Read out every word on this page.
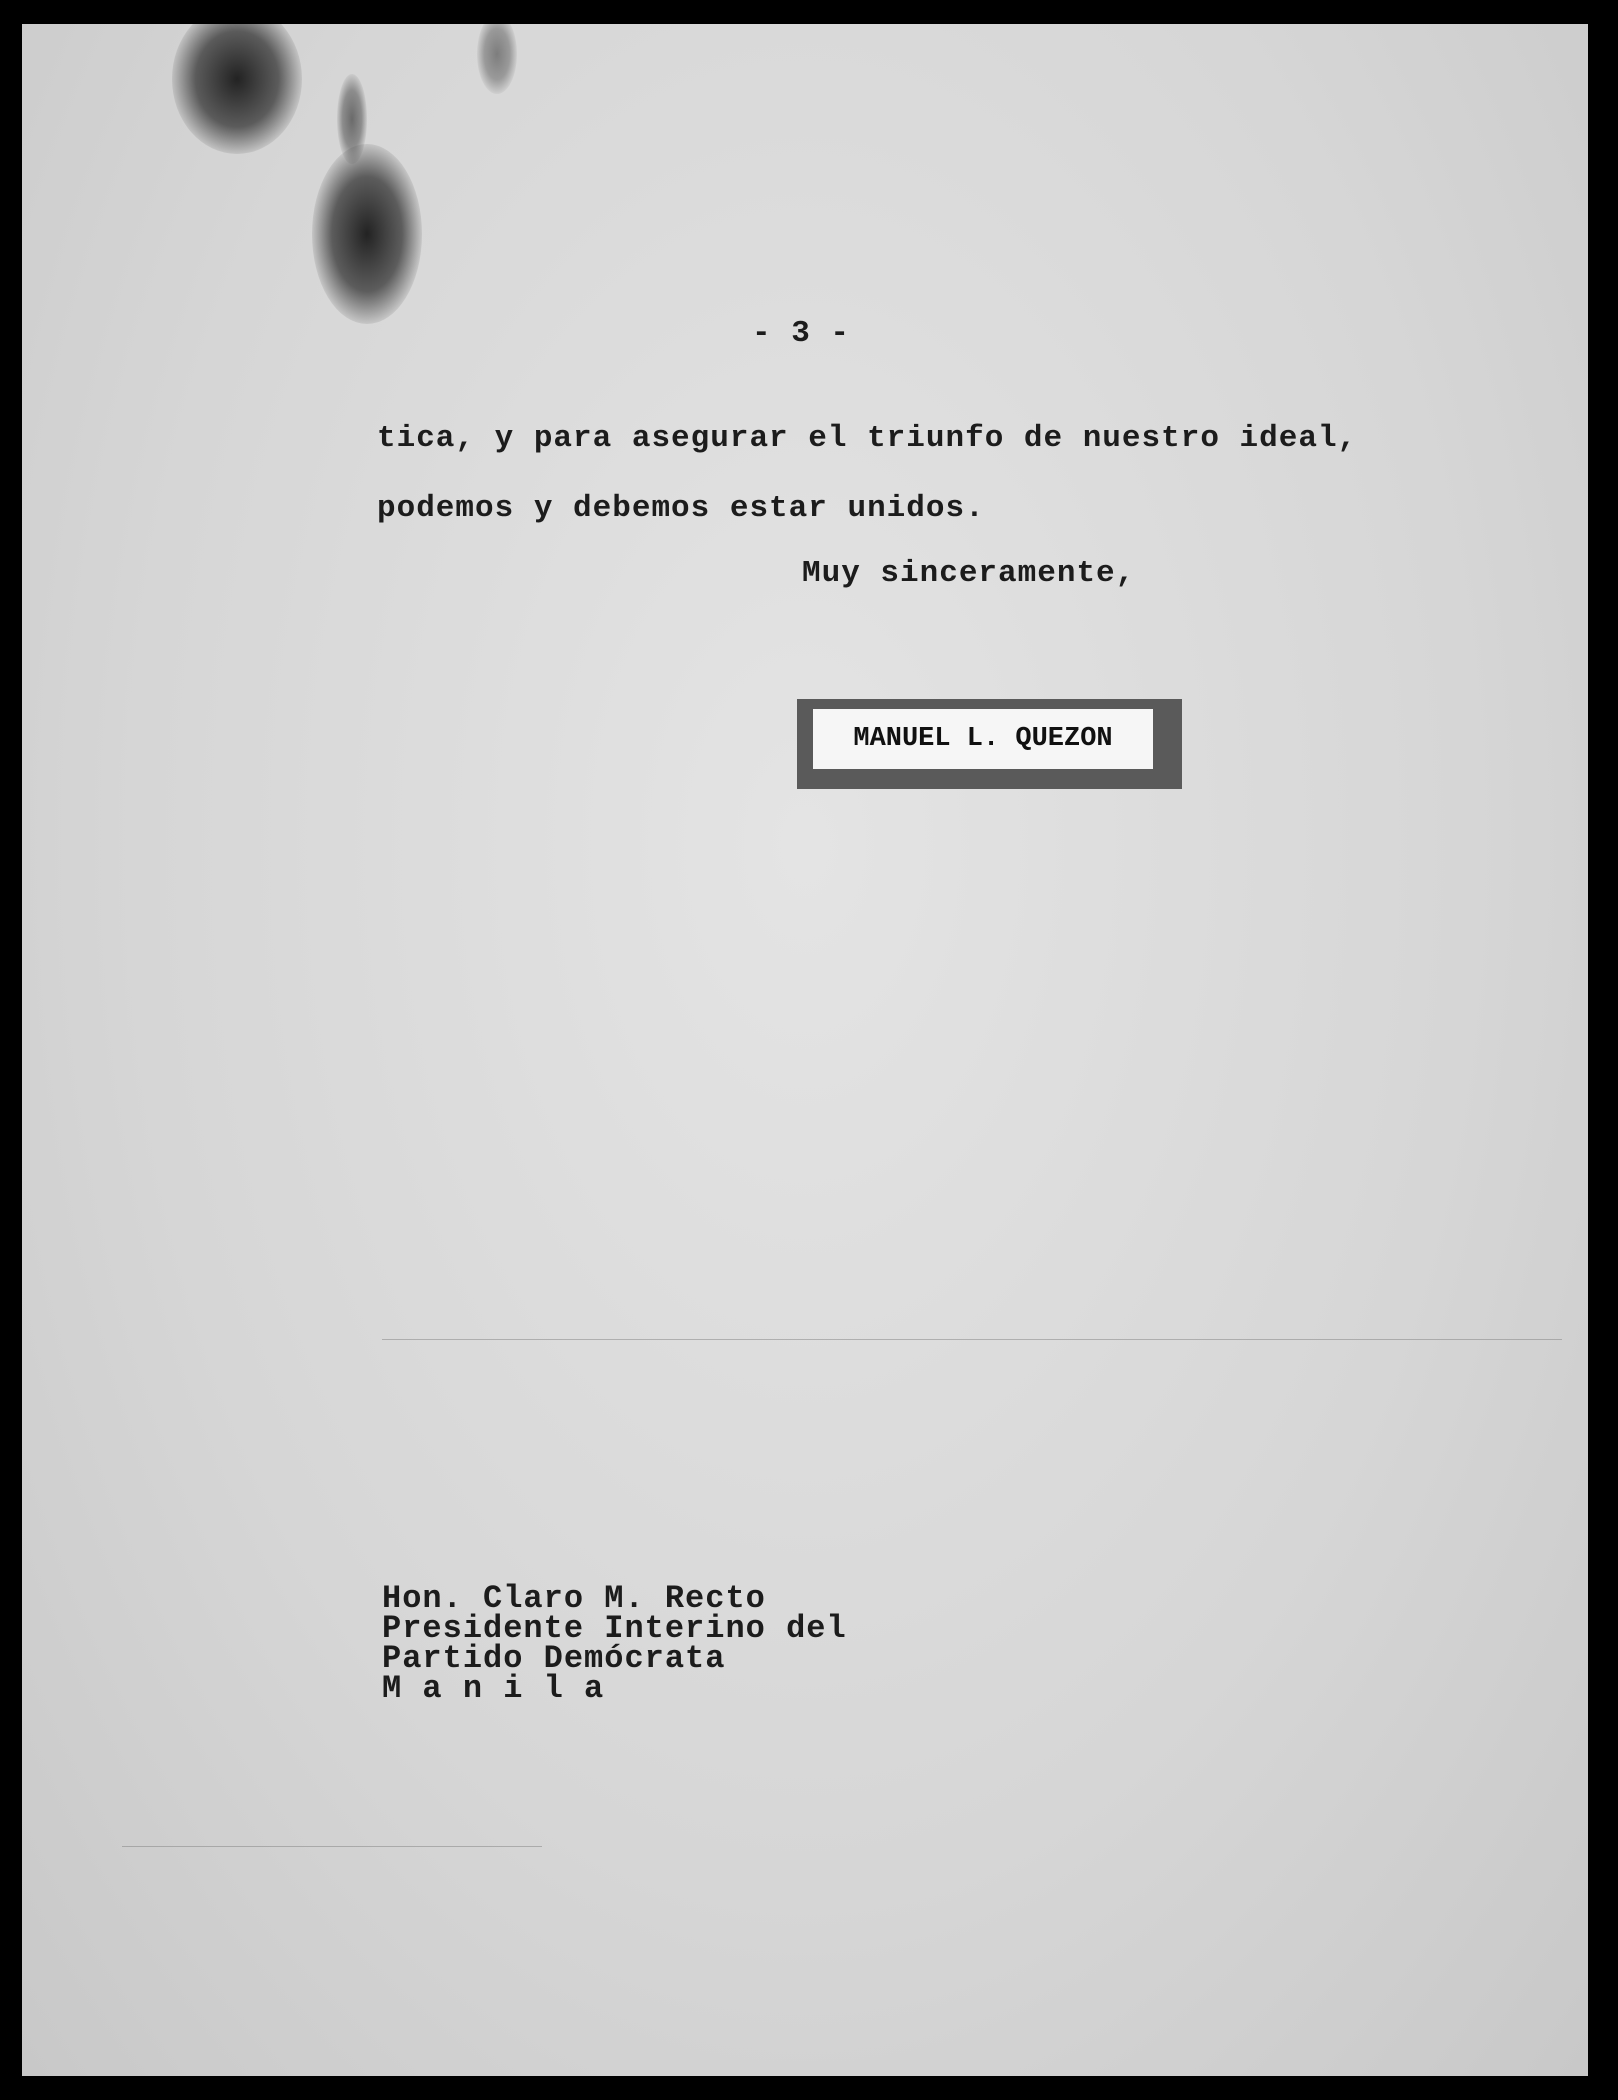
- 3 -
tica, y para asegurar el triunfo de nuestro ideal,
podemos y debemos estar unidos.
Muy sinceramente,
MANUEL L. QUEZON
Hon. Claro M. Recto
Presidente Interino del
Partido Demócrata
M a n i l a
